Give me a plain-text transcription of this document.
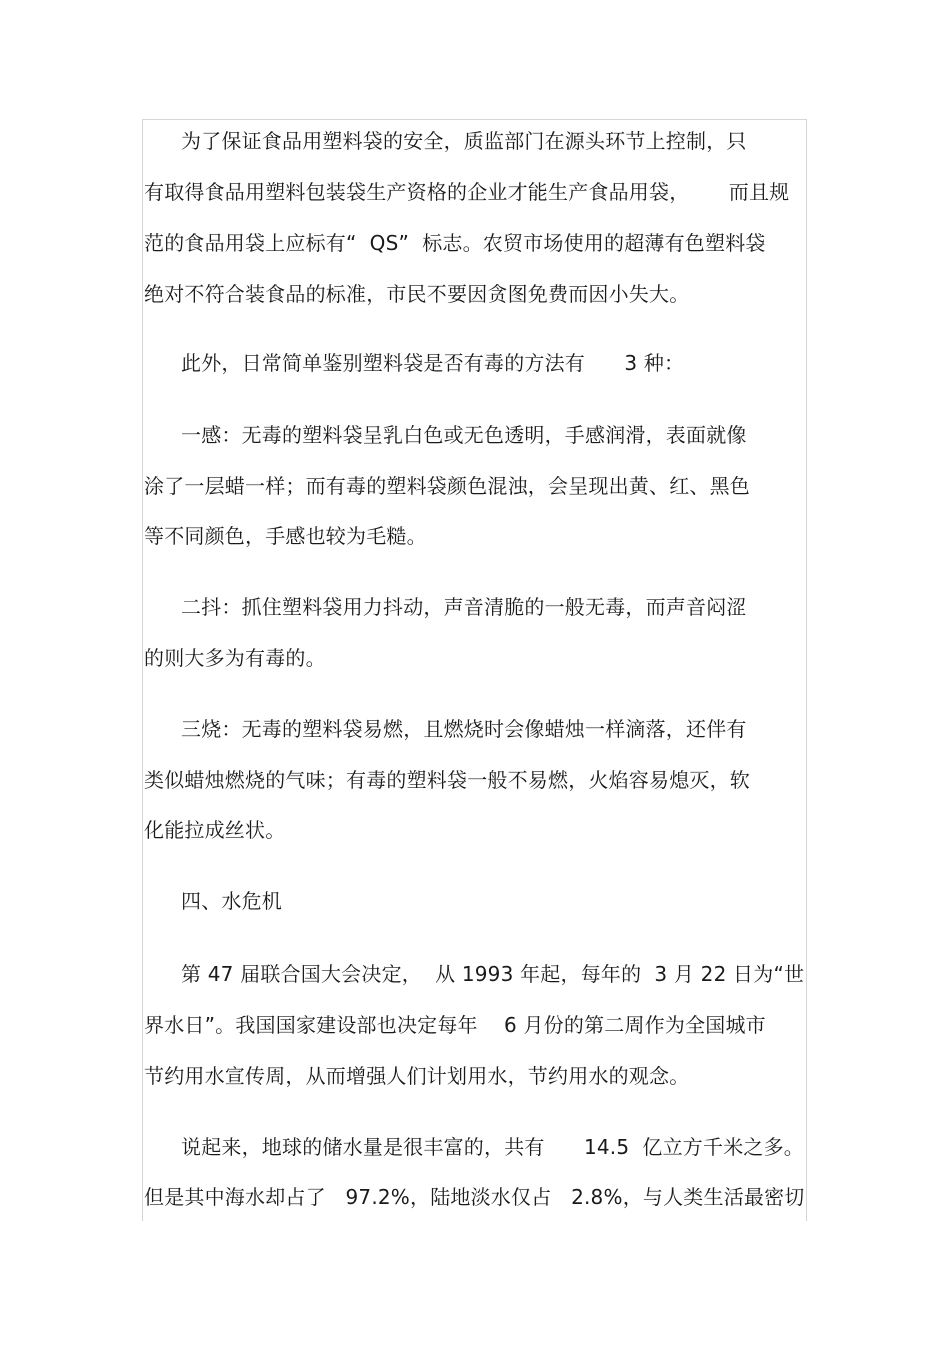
为了保证食品用塑料袋的安全，质监部门在源头环节上控制，只
有取得食品用塑料包装袋生产资格的企业才能生产食品用袋，      而且规
范的食品用袋上应标有“  QS”  标志。农贸市场使用的超薄有色塑料袋
绝对不符合装食品的标准，市民不要因贪图免费而因小失大。
此外，日常简单鉴别塑料袋是否有毒的方法有      3 种：
一感：无毒的塑料袋呈乳白色或无色透明，手感润滑，表面就像
涂了一层蜡一样；而有毒的塑料袋颜色混浊，会呈现出黄、红、黑色
等不同颜色，手感也较为毛糙。
二抖：抓住塑料袋用力抖动，声音清脆的一般无毒，而声音闷涩
的则大多为有毒的。
三烧：无毒的塑料袋易燃，且燃烧时会像蜡烛一样滴落，还伴有
类似蜡烛燃烧的气味；有毒的塑料袋一般不易燃，火焰容易熄灭，软
化能拉成丝状。
四、水危机
第 47 届联合国大会决定，  从 1993 年起，每年的  3 月 22 日为“世
界水日”。我国国家建设部也决定每年    6 月份的第二周作为全国城市
节约用水宣传周，从而增强人们计划用水，节约用水的观念。
说起来，地球的储水量是很丰富的，共有      14.5  亿立方千米之多。
但是其中海水却占了   97.2%，陆地淡水仅占   2.8%，与人类生活最密切
